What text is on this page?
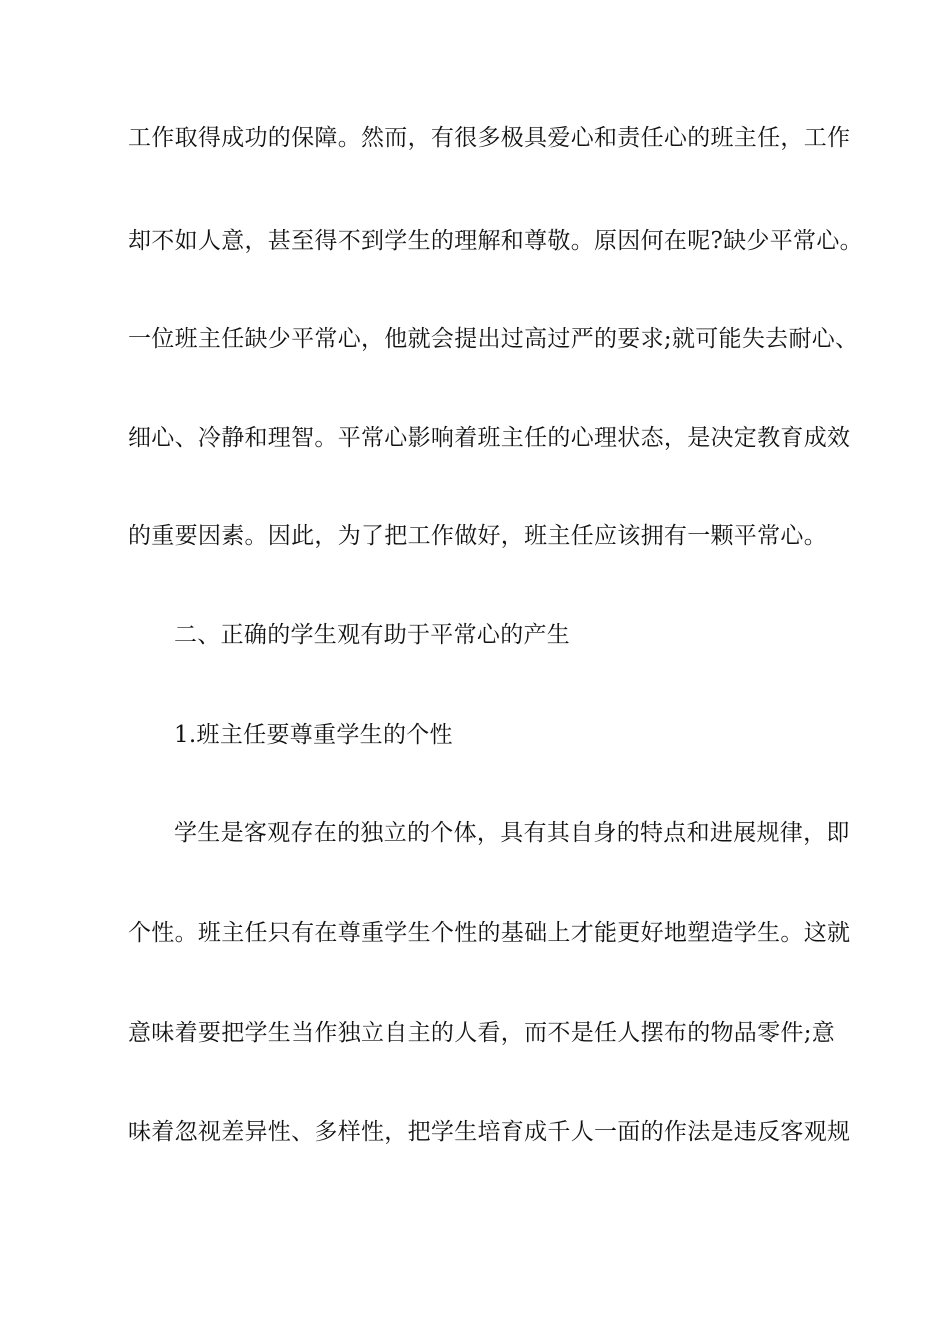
工作取得成功的保障。然而，有很多极具爱心和责任心的班主任，工作
却不如人意，甚至得不到学生的理解和尊敬。原因何在呢?缺少平常心。
一位班主任缺少平常心，他就会提出过高过严的要求;就可能失去耐心、
细心、冷静和理智。平常心影响着班主任的心理状态，是决定教育成效
的重要因素。因此，为了把工作做好，班主任应该拥有一颗平常心。
二、正确的学生观有助于平常心的产生
1.班主任要尊重学生的个性
学生是客观存在的独立的个体，具有其自身的特点和进展规律，即
个性。班主任只有在尊重学生个性的基础上才能更好地塑造学生。这就
意味着要把学生当作独立自主的人看，而不是任人摆布的物品零件;意
味着忽视差异性、多样性，把学生培育成千人一面的作法是违反客观规
